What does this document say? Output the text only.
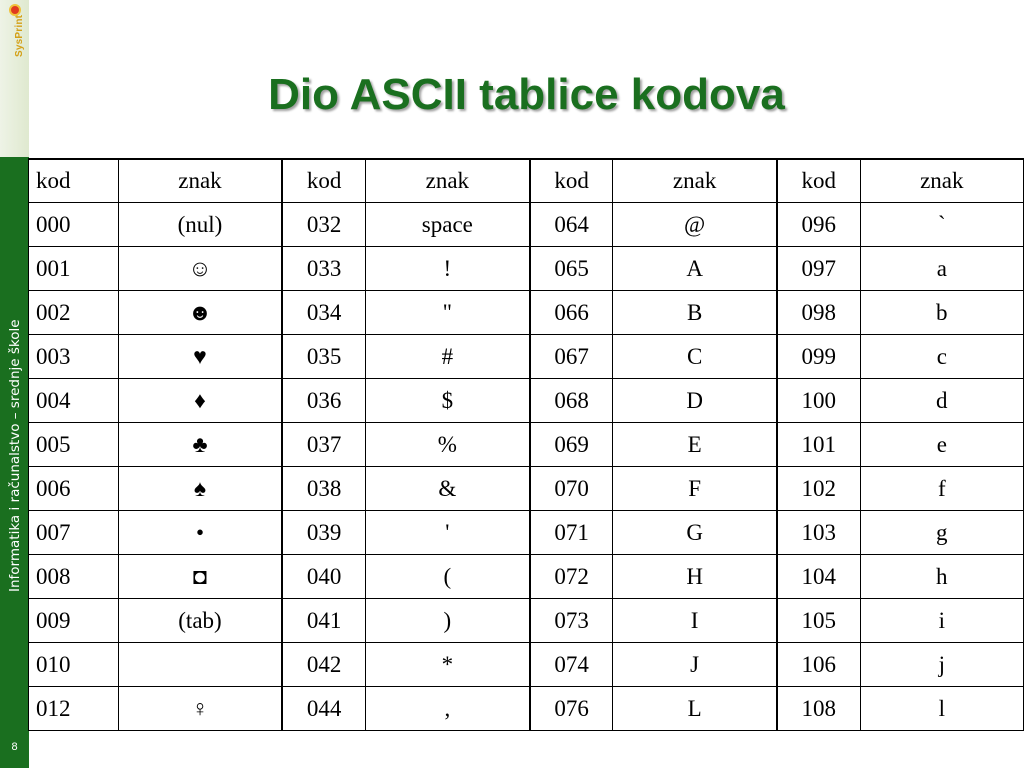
SysPrint
Informatika i računalstvo – srednje škole
8
Dio ASCII tablice kodova
kod	znak	kod	znak	kod	znak	kod	znak
000	(nul)	032	space	064	@	096	`
001	☺	033	!	065	A	097	a
002	☻	034	"	066	B	098	b
003	♥	035	#	067	C	099	c
004	♦	036	$	068	D	100	d
005	♣	037	%	069	E	101	e
006	♠	038	&	070	F	102	f
007	•	039	'	071	G	103	g
008	◘	040	(	072	H	104	h
009	(tab)	041	)	073	I	105	i
010		042	*	074	J	106	j
012	♀	044	,	076	L	108	l
